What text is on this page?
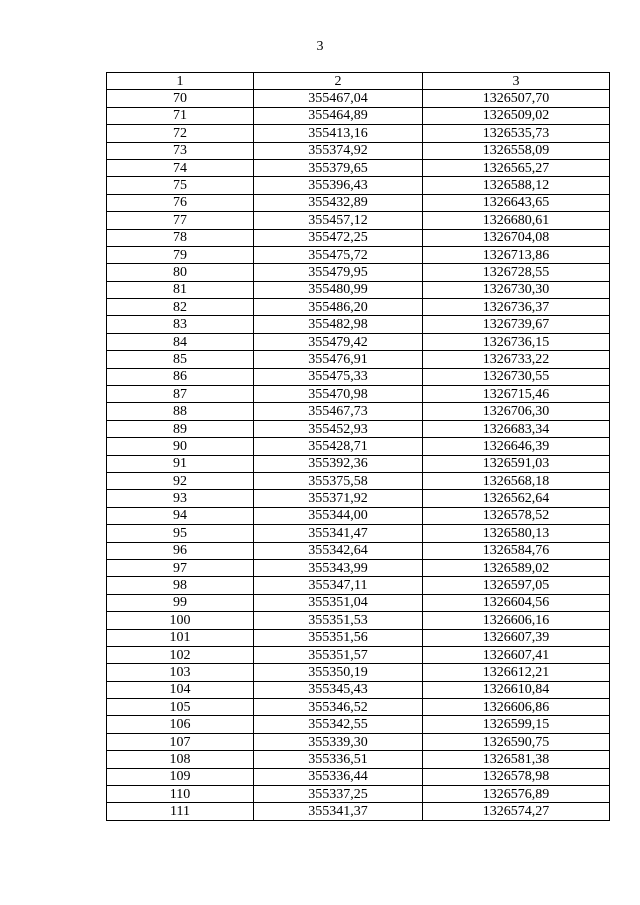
3
1	2	3
70	355467,04	1326507,70
71	355464,89	1326509,02
72	355413,16	1326535,73
73	355374,92	1326558,09
74	355379,65	1326565,27
75	355396,43	1326588,12
76	355432,89	1326643,65
77	355457,12	1326680,61
78	355472,25	1326704,08
79	355475,72	1326713,86
80	355479,95	1326728,55
81	355480,99	1326730,30
82	355486,20	1326736,37
83	355482,98	1326739,67
84	355479,42	1326736,15
85	355476,91	1326733,22
86	355475,33	1326730,55
87	355470,98	1326715,46
88	355467,73	1326706,30
89	355452,93	1326683,34
90	355428,71	1326646,39
91	355392,36	1326591,03
92	355375,58	1326568,18
93	355371,92	1326562,64
94	355344,00	1326578,52
95	355341,47	1326580,13
96	355342,64	1326584,76
97	355343,99	1326589,02
98	355347,11	1326597,05
99	355351,04	1326604,56
100	355351,53	1326606,16
101	355351,56	1326607,39
102	355351,57	1326607,41
103	355350,19	1326612,21
104	355345,43	1326610,84
105	355346,52	1326606,86
106	355342,55	1326599,15
107	355339,30	1326590,75
108	355336,51	1326581,38
109	355336,44	1326578,98
110	355337,25	1326576,89
111	355341,37	1326574,27
